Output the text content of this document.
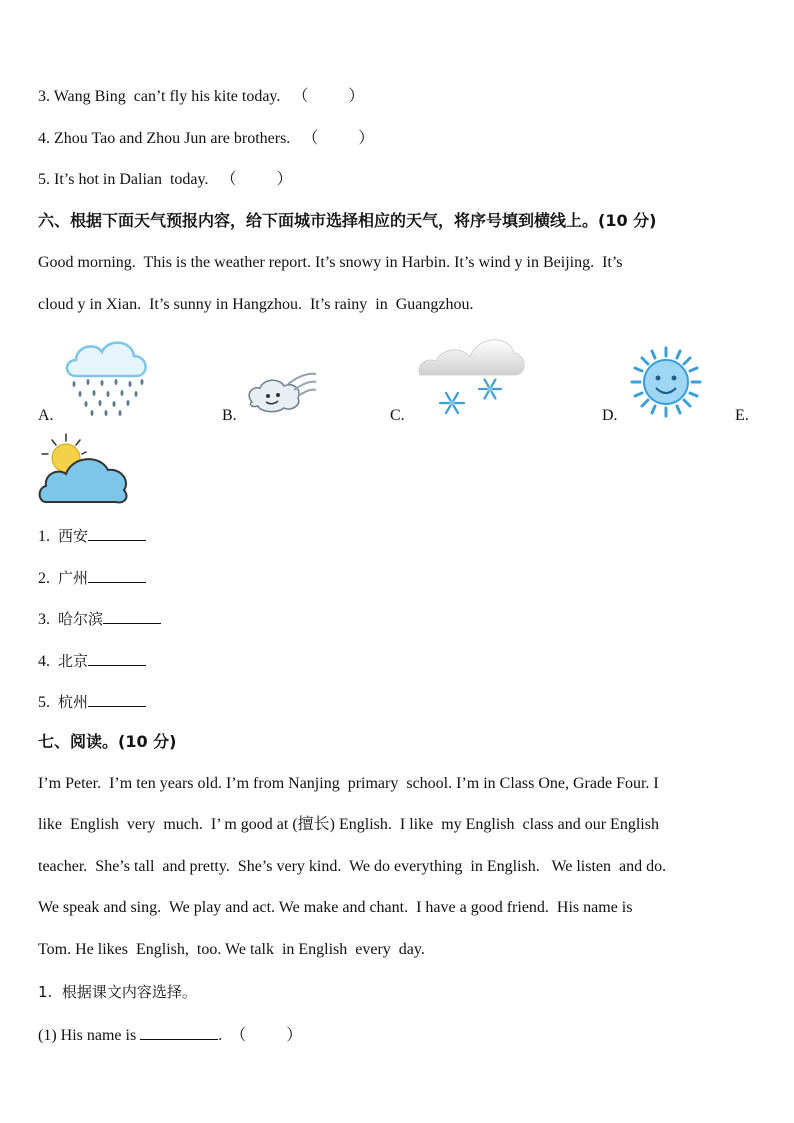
3. Wang Bing  can’t fly his kite today.   （          ）
4. Zhou Tao and Zhou Jun are brothers.   （          ）
5. It’s hot in Dalian  today.   （          ）
六、根据下面天气预报内容，给下面城市选择相应的天气，将序号填到横线上。(10 分)
Good morning.  This is the weather report. It’s snowy in Harbin. It’s wind y in Beijing.  It’s
cloud y in Xian.  It’s sunny in Hangzhou.  It’s rainy  in  Guangzhou.
A.	B.	C.	D.	E.
1. 西安
2. 广州
3. 哈尔滨
4. 北京
5. 杭州
七、阅读。(10 分)
I’m Peter.  I’m ten years old. I’m from Nanjing  primary  school. I’m in Class One, Grade Four. I
like  English  very  much.  I’ m good at (擅长) English.  I like  my English  class and our English
teacher.  She’s tall  and pretty.  She’s very kind.  We do everything  in English.   We listen  and do.
We speak and sing.  We play and act. We make and chant.  I have a good friend.  His name is
Tom. He likes  English,  too. We talk  in English  every  day.
1.  根据课文内容选择。
(1) His name is	.  （          ）
